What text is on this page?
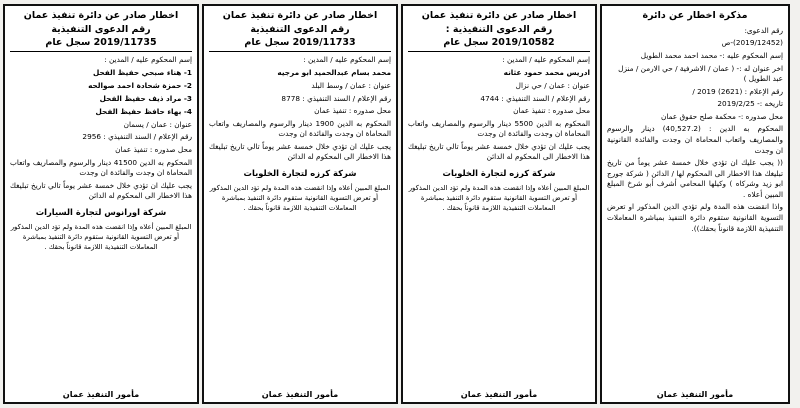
اخطار صادر عن دائرة تنفيذ عمان
رقم الدعوى التنفيذية
2019/11735 سجل عام
إسم المحكوم عليه / المدين :
1- هناء صبحي حفيظ الفحل
2- حمزة شحادة احمد صوالحه
3- مراد ذيف حفيظ الفحل
4- بهاء حافظ حفيظ الفحل
عنوان : عمان / يسمان
رقم الإعلام / السند التنفيذي : 2956
محل صدوره : تنفيذ عمان
المحكوم به الدين 41500 دينار والرسوم والمصاريف واتعاب المحاماة ان وجدت والفائدة ان وجدت
يجب عليك ان تؤدي خلال خمسة عشر يوماً تالي تاريخ تبليغك هذا الاخطار الى المحكوم له الدائن
شركة اورانوس لتجارة السيارات
المبلغ المبين أعلاه وإذا انقضت هذه المدة ولم تؤد الدين المذكور أو تعرض التسوية القانونية ستقوم دائرة التنفيذ بمباشرة المعاملات التنفيذية اللازمة قانوناً بحقك .
مأمور التنفيذ عمان
اخطار صادر عن دائرة تنفيذ عمان
رقم الدعوى التنفيذية
2019/11733 سجل عام
إسم المحكوم عليه / المدين :
محمد بسام عبدالحميد ابو مرجيه
عنوان : عمان / وسط البلد
رقم الإعلام / السند التنفيذي : 8778
محل صدوره : تنفيذ عمان
المحكوم به الدين 1900 دينار والرسوم والمصاريف واتعاب المحاماة ان وجدت والفائدة ان وجدت
يجب عليك ان تؤدي خلال خمسة عشر يوماً تالي تاريخ تبليغك هذا الاخطار الى المحكوم له الدائن
شركة كرزه لتجارة الخلويات
المبلغ المبين أعلاه وإذا انقضت هذه المدة ولم تؤد الدين المذكور أو تعرض التسوية القانونية ستقوم دائرة التنفيذ بمباشرة المعاملات التنفيذية اللازمة قانوناً بحقك .
مأمور التنفيذ عمان
اخطار صادر عن دائرة تنفيذ عمان
رقم الدعوى التنفيذية :
2019/10582 سجل عام
إسم المحكوم عليه / المدين :
ادريس محمد حمود عثانه
عنوان : عمان / حي نزال
رقم الإعلام / السند التنفيذي : 4744
محل صدوره : تنفيذ عمان
المحكوم به الدين 5500 دينار والرسوم والمصاريف واتعاب المحاماة ان وجدت والفائدة ان وجدت
يجب عليك ان تؤدي خلال خمسة عشر يوماً تالي تاريخ تبليغك هذا الاخطار الى المحكوم له الدائن
شركة كرزه لتجارة الخلويات
المبلغ المبين أعلاه وإذا انقضت هذه المدة ولم تؤد الدين المذكور أو تعرض التسوية القانونية ستقوم دائرة التنفيذ بمباشرة المعاملات التنفيذية اللازمة قانوناً بحقك .
مأمور التنفيذ عمان
مذكرة اخطار عن دائرة
رقم الدعوى:
(2019/12452)-ص
إسم المحكوم عليه :- محمد احمد محمد الطويل
اخر عنوان له :- ( عمان / الاشرفية / حي الارمن / منزل عبد الطويل )
رقم الإعلام : (2621) 2019 /
تاريخه :- 2019/2/25
محل صدوره :- محكمة صلح حقوق عمان
المحكوم به الدين : (40,527.2) دينار والرسوم والمصاريف واتعاب المحاماة ان وجدت والفائدة القانونية ان وجدت
(( يجب عليك ان تؤدي خلال خمسة عشر يوماً من تاريخ تبليغك هذا الاخطار الى المحكوم لها / الدائن ( شركة جورج ابو زيد وشركاه ) وكيلها المحامي أشرف أبو شرخ المبلغ المبين أعلاه .
واذا انقضت هذه المدة ولم تؤدي الدين المذكور او تعرض التسوية القانونية ستقوم دائرة التنفيذ بمباشرة المعاملات التنفيذية اللازمة قانوناً بحقك)).
مأمور التنفيذ عمان
